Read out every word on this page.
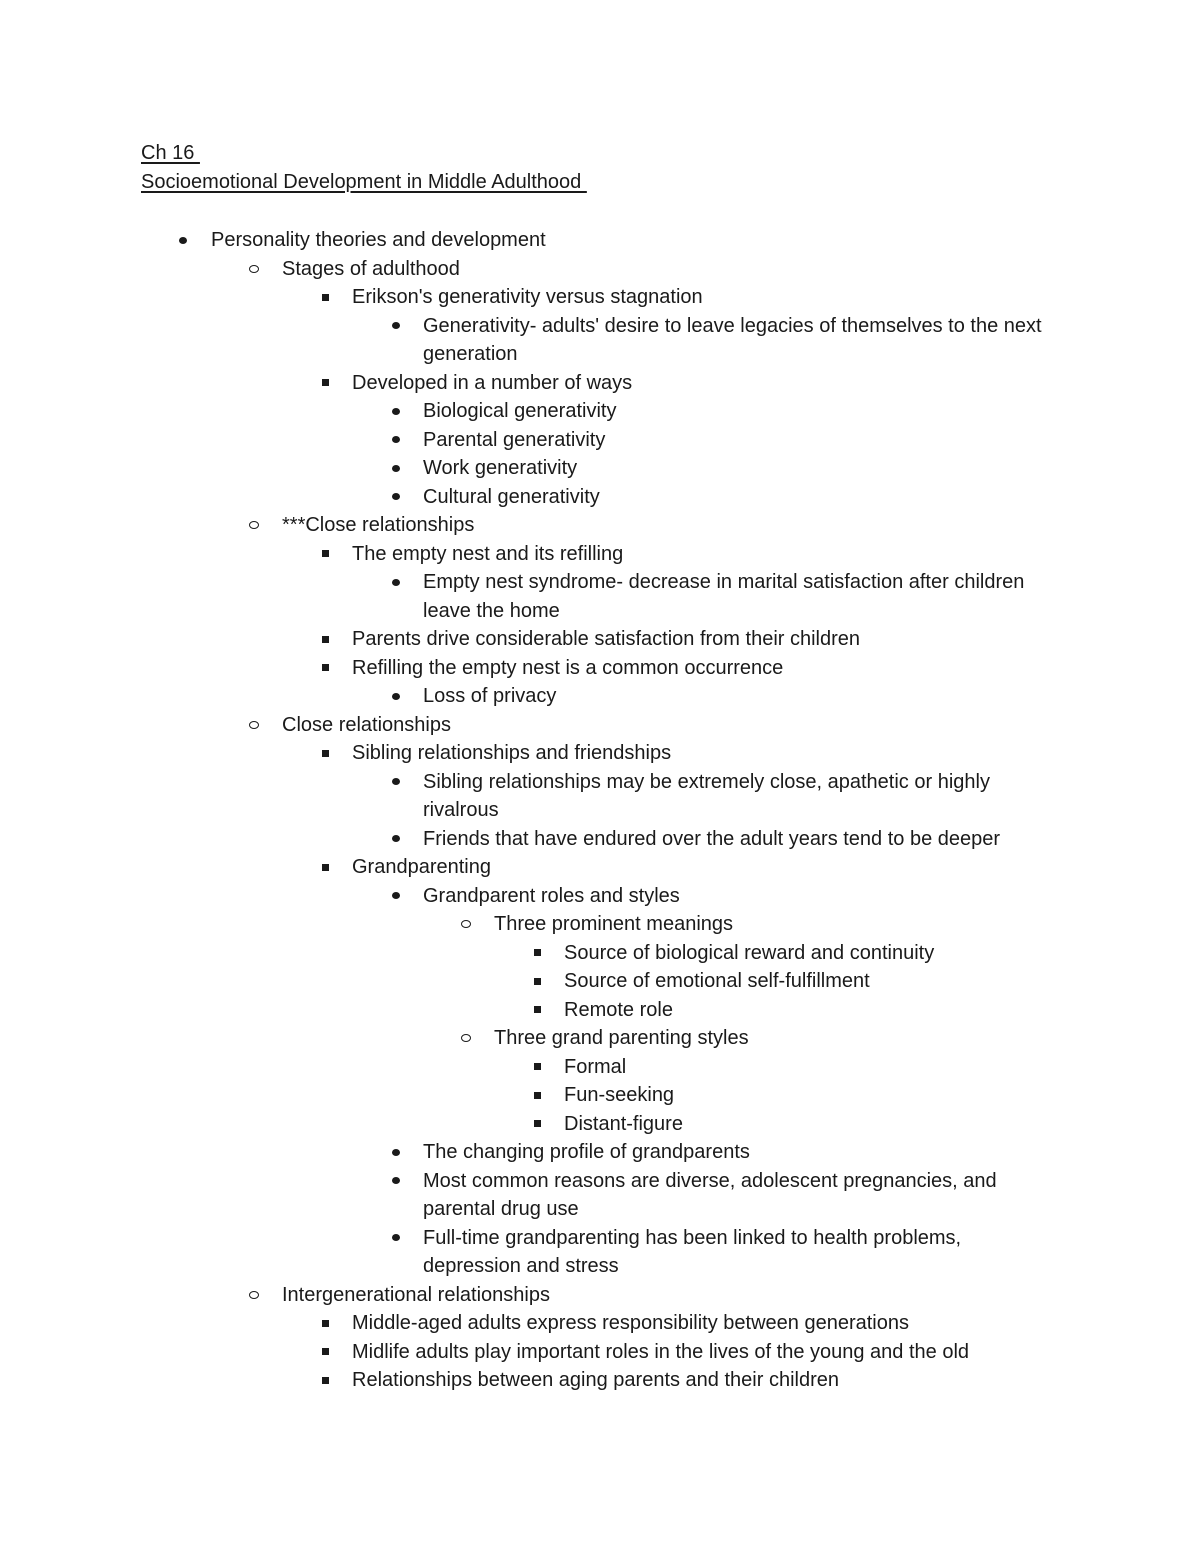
Ch 16
Socioemotional Development in Middle Adulthood
Personality theories and development
Stages of adulthood
Erikson's generativity versus stagnation
Generativity- adults' desire to leave legacies of themselves to the next generation
Developed in a number of ways
Biological generativity
Parental generativity
Work generativity
Cultural generativity
***Close relationships
The empty nest and its refilling
Empty nest syndrome- decrease in marital satisfaction after children leave the home
Parents drive considerable satisfaction from their children
Refilling the empty nest is a common occurrence
Loss of privacy
Close relationships
Sibling relationships and friendships
Sibling relationships may be extremely close, apathetic or highly rivalrous
Friends that have endured over the adult years tend to be deeper
Grandparenting
Grandparent roles and styles
Three prominent meanings
Source of biological reward and continuity
Source of emotional self-fulfillment
Remote role
Three grand parenting styles
Formal
Fun-seeking
Distant-figure
The changing profile of grandparents
Most common reasons are diverse, adolescent pregnancies, and parental drug use
Full-time grandparenting has been linked to health problems, depression and stress
Intergenerational relationships
Middle-aged adults express responsibility between generations
Midlife adults play important roles in the lives of the young and the old
Relationships between aging parents and their children
